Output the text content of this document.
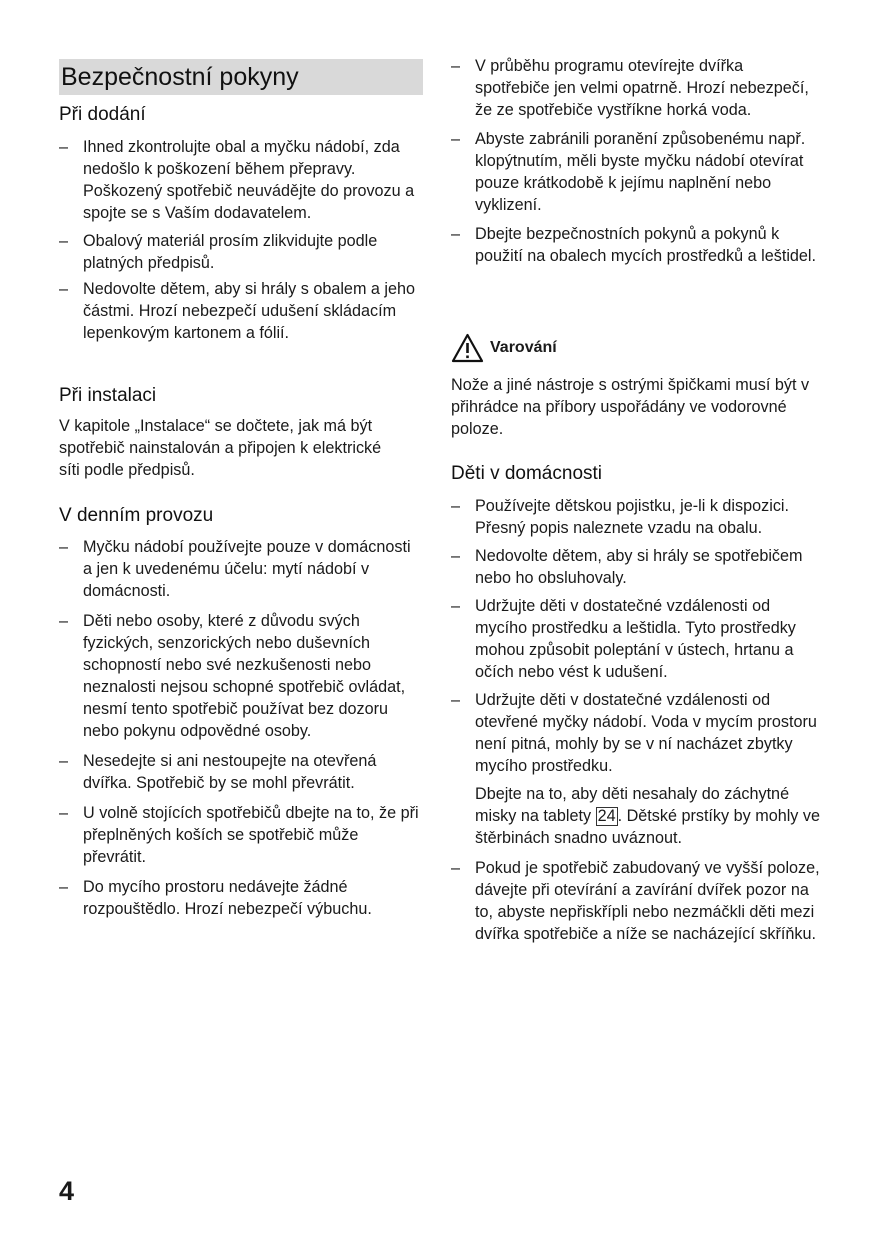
Bezpečnostní pokyny
Při dodání
– Ihned zkontrolujte obal a myčku nádobí, zda nedošlo k poškození během přepravy. Poškozený spotřebič neuvádějte do provozu a spojte se s Vaším dodavatelem.
– Obalový materiál prosím zlikvidujte podle platných předpisů.
– Nedovolte dětem, aby si hrály s obalem a jeho částmi. Hrozí nebezpečí udušení skládacím lepenkovým kartonem a fólií.
Při instalaci
V kapitole „Instalace“ se dočtete, jak má být spotřebič nainstalován a připojen k elektrické síti podle předpisů.
V denním provozu
– Myčku nádobí používejte pouze v domácnosti a jen k uvedenému účelu: mytí nádobí v domácnosti.
– Děti nebo osoby, které z důvodu svých fyzických, senzorických nebo duševních schopností nebo své nezkušenosti nebo neznalosti nejsou schopné spotřebič ovládat, nesmí tento spotřebič používat bez dozoru nebo pokynu odpovědné osoby.
– Nesedejte si ani nestoupejte na otevřená dvířka. Spotřebič by se mohl převrátit.
– U volně stojících spotřebičů dbejte na to, že při přeplněných koších se spotřebič může převrátit.
– Do mycího prostoru nedávejte žádné rozpouštědlo. Hrozí nebezpečí výbuchu.
– V průběhu programu otevírejte dvířka spotřebiče jen velmi opatrně. Hrozí nebezpečí, že ze spotřebiče vystříkne horká voda.
– Abyste zabránili poranění způsobenému např. klopýtnutím, měli byste myčku nádobí otevírat pouze krátkodobě k jejímu naplnění nebo vyklizení.
– Dbejte bezpečnostních pokynů a pokynů k použití na obalech mycích prostředků a leštidel.
Varování
Nože a jiné nástroje s ostrými špičkami musí být v přihrádce na příbory uspořádány ve vodorovné poloze.
Děti v domácnosti
– Používejte dětskou pojistku, je-li k dispozici. Přesný popis naleznete vzadu na obalu.
– Nedovolte dětem, aby si hrály se spotřebičem nebo ho obsluhovaly.
– Udržujte děti v dostatečné vzdálenosti od mycího prostředku a leštidla. Tyto prostředky mohou způsobit poleptání v ústech, hrtanu a očích nebo vést k udušení.
– Udržujte děti v dostatečné vzdálenosti od otevřené myčky nádobí. Voda v mycím prostoru není pitná, mohly by se v ní nacházet zbytky mycího prostředku.
Dbejte na to, aby děti nesahaly do záchytné misky na tablety 24 . Dětské prstíky by mohly ve štěrbinách snadno uváznout.
– Pokud je spotřebič zabudovaný ve vyšší poloze, dávejte při otevírání a zavírání dvířek pozor na to, abyste nepřiskřípli nebo nezmáčkli děti mezi dvířka spotřebiče a níže se nacházející skříňku.
4
